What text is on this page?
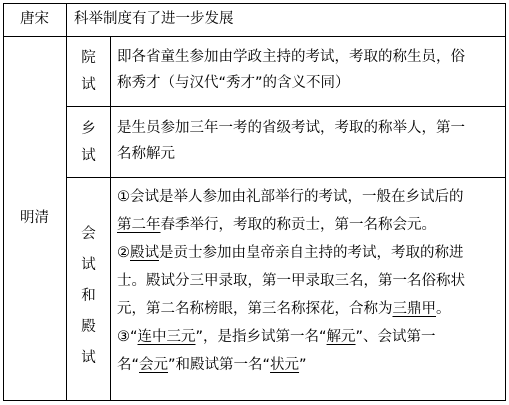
唐宋	科举制度有了进一步发展
明清
院
试
即各省童生参加由学政主持的考试，考取的称生员，俗
称秀才（与汉代“秀才”的含义不同）
乡
试
是生员参加三年一考的省级考试，考取的称举人，第一
名称解元
会
试
和
殿
试
①会试是举人参加由礼部举行的考试，一般在乡试后的
第二年春季举行，考取的称贡士，第一名称会元。
②殿试是贡士参加由皇帝亲自主持的考试，考取的称进
士。殿试分三甲录取，第一甲录取三名，第一名俗称状
元，第二名称榜眼，第三名称探花，合称为三鼎甲。
③“连中三元”，是指乡试第一名“解元”、会试第一
名“会元”和殿试第一名“状元”
